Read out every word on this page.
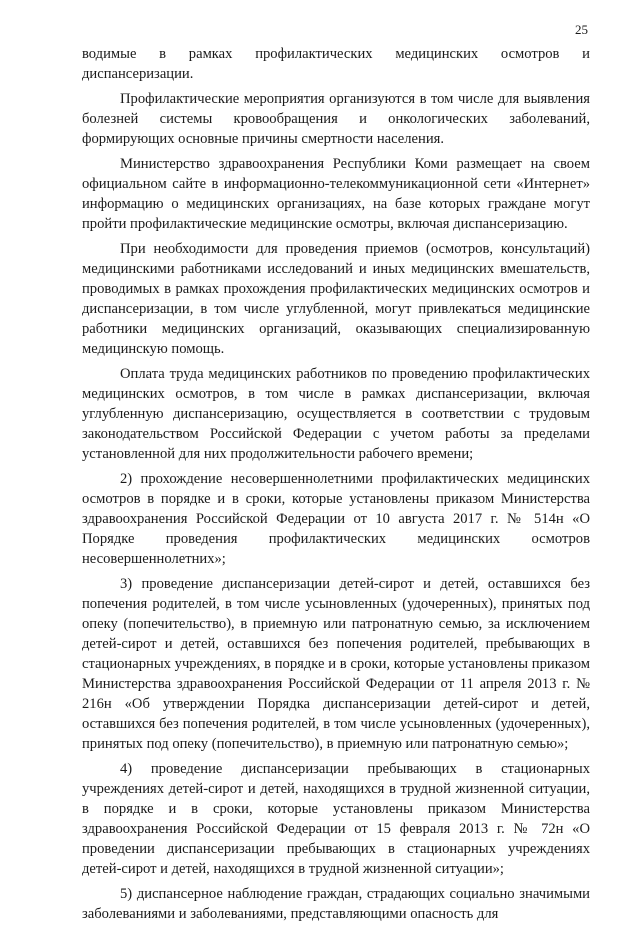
25

водимые в рамках профилактических медицинских осмотров и диспансеризации.

Профилактические мероприятия организуются в том числе для выявления болезней системы кровообращения и онкологических заболеваний, формирующих основные причины смертности населения.

Министерство здравоохранения Республики Коми размещает на своем официальном сайте в информационно-телекоммуникационной сети «Интернет» информацию о медицинских организациях, на базе которых граждане могут пройти профилактические медицинские осмотры, включая диспансеризацию.

При необходимости для проведения приемов (осмотров, консультаций) медицинскими работниками исследований и иных медицинских вмешательств, проводимых в рамках прохождения профилактических медицинских осмотров и диспансеризации, в том числе углубленной, могут привлекаться медицинские работники медицинских организаций, оказывающих специализированную медицинскую помощь.

Оплата труда медицинских работников по проведению профилактических медицинских осмотров, в том числе в рамках диспансеризации, включая углубленную диспансеризацию, осуществляется в соответствии с трудовым законодательством Российской Федерации с учетом работы за пределами установленной для них продолжительности рабочего времени;

2) прохождение несовершеннолетними профилактических медицинских осмотров в порядке и в сроки, которые установлены приказом Министерства здравоохранения Российской Федерации от 10 августа 2017 г. № 514н «О Порядке проведения профилактических медицинских осмотров несовершеннолетних»;

3) проведение диспансеризации детей-сирот и детей, оставшихся без попечения родителей, в том числе усыновленных (удочеренных), принятых под опеку (попечительство), в приемную или патронатную семью, за исключением детей-сирот и детей, оставшихся без попечения родителей, пребывающих в стационарных учреждениях, в порядке и в сроки, которые установлены приказом Министерства здравоохранения Российской Федерации от 11 апреля 2013 г. № 216н «Об утверждении Порядка диспансеризации детей-сирот и детей, оставшихся без попечения родителей, в том числе усыновленных (удочеренных), принятых под опеку (попечительство), в приемную или патронатную семью»;

4) проведение диспансеризации пребывающих в стационарных учреждениях детей-сирот и детей, находящихся в трудной жизненной ситуации, в порядке и в сроки, которые установлены приказом Министерства здравоохранения Российской Федерации от 15 февраля 2013 г. № 72н «О проведении диспансеризации пребывающих в стационарных учреждениях детей-сирот и детей, находящихся в трудной жизненной ситуации»;

5) диспансерное наблюдение граждан, страдающих социально значимыми заболеваниями и заболеваниями, представляющими опасность для
